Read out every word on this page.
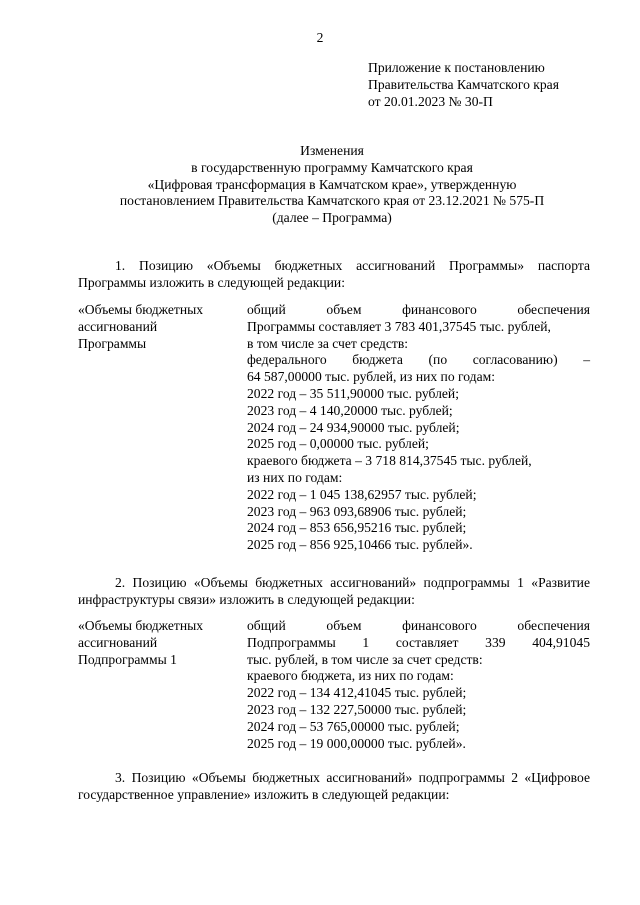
2
Приложение к постановлению
Правительства Камчатского края
от 20.01.2023 № 30-П
Изменения
в государственную программу Камчатского края
«Цифровая трансформация в Камчатском крае», утвержденную
постановлением Правительства Камчатского края от 23.12.2021 № 575-П
(далее – Программа)
1. Позицию «Объемы бюджетных ассигнований Программы» паспорта Программы изложить в следующей редакции:
«Объемы бюджетных
ассигнований
Программы
общий объем финансового обеспечения
Программы составляет 3 783 401,37545 тыс. рублей,
в том числе за счет средств:
федерального бюджета (по согласованию) –
64 587,00000 тыс. рублей, из них по годам:
2022 год – 35 511,90000 тыс. рублей;
2023 год – 4 140,20000 тыс. рублей;
2024 год – 24 934,90000 тыс. рублей;
2025 год – 0,00000 тыс. рублей;
краевого бюджета – 3 718 814,37545 тыс. рублей,
из них по годам:
2022 год – 1 045 138,62957 тыс. рублей;
2023 год – 963 093,68906 тыс. рублей;
2024 год – 853 656,95216 тыс. рублей;
2025 год – 856 925,10466 тыс. рублей».
2. Позицию «Объемы бюджетных ассигнований» подпрограммы 1 «Развитие инфраструктуры связи» изложить в следующей редакции:
«Объемы бюджетных
ассигнований
Подпрограммы 1
общий объем финансового обеспечения
Подпрограммы 1 составляет 339 404,91045
тыс. рублей, в том числе за счет средств:
краевого бюджета, из них по годам:
2022 год – 134 412,41045 тыс. рублей;
2023 год – 132 227,50000 тыс. рублей;
2024 год – 53 765,00000 тыс. рублей;
2025 год – 19 000,00000 тыс. рублей».
3. Позицию «Объемы бюджетных ассигнований» подпрограммы 2 «Цифровое государственное управление» изложить в следующей редакции:
